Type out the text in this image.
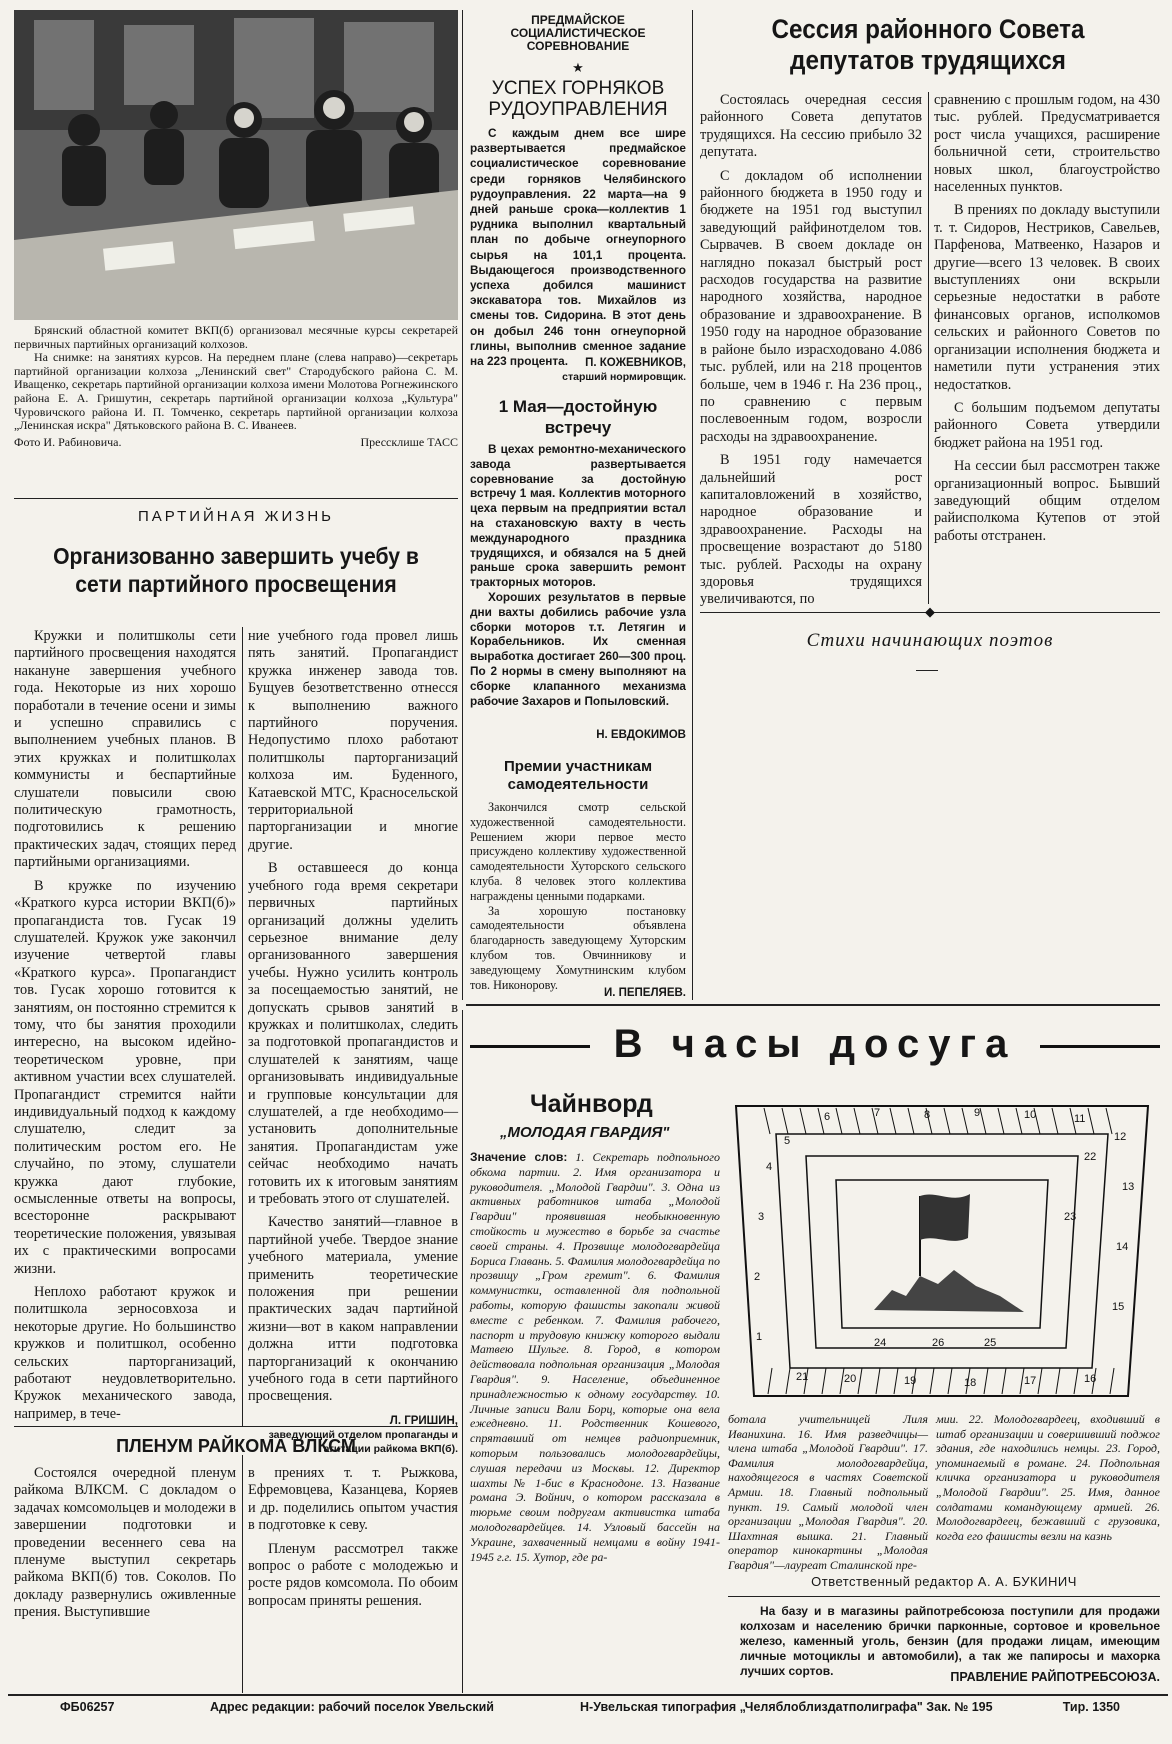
Брянский областной комитет ВКП(б) организовал месячные курсы секретарей первичных партийных организаций колхозов.
На снимке: на занятиях курсов. На переднем плане (слева направо)—секретарь партийной организации колхоза „Ленинский свет" Стародубского района С. М. Иващенко, секретарь партийной организации колхоза имени Молотова Рогнежинского района Е. А. Гришутин, секретарь партийной организации колхоза „Культура" Чуровичского района И. П. Томченко, секретарь партийной организации колхоза „Ленинская искра" Дятьковского района В. С. Иванеев.
Фото И. Рабиновича.	Прессклише ТАСС
ПАРТИЙНАЯ ЖИЗНЬ
Организованно завершить учебу в сети партийного просвещения

Кружки и политшколы сети партийного просвещения находятся накануне завершения учебного года. Некоторые из них хорошо поработали в течение осени и зимы и успешно справились с выполнением учебных планов. В этих кружках и политшколах коммунисты и беспартийные слушатели повысили свою политическую грамотность, подготовились к решению практических задач, стоящих перед партийными организациями.

В кружке по изучению «Краткого курса истории ВКП(б)» пропагандиста тов. Гусак 19 слушателей. Кружок уже закончил изучение четвертой главы «Краткого курса». Пропагандист тов. Гусак хорошо готовится к занятиям, он постоянно стремится к тому, что бы занятия проходили интересно, на высоком идейно-теоретическом уровне, при активном участии всех слушателей. Пропагандист стремится найти индивидуальный подход к каждому слушателю, следит за политическим ростом его. Не случайно, по этому, слушатели кружка дают глубокие, осмысленные ответы на вопросы, всесторонне раскрывают теоретические положения, увязывая их с практическими вопросами жизни.

Неплохо работают кружок и политшкола зерносовхоза и некоторые другие. Но большинство кружков и политшкол, особенно сельских парторганизаций, работают неудовлетворительно. Кружок механического завода, например, в тече-

ние учебного года провел лишь пять занятий. Пропагандист кружка инженер завода тов. Бущуев безответственно отнесся к выполнению важного партийного поручения. Недопустимо плохо работают политшколы парторганизаций колхоза им. Буденного, Катаевской МТС, Красносельской территориальной парторганизации и многие другие.

В оставшееся до конца учебного года время секретари первичных партийных организаций должны уделить серьезное внимание делу организованного завершения учебы. Нужно усилить контроль за посещаемостью занятий, не допускать срывов занятий в кружках и политшколах, следить за подготовкой пропагандистов и слушателей к занятиям, чаще организовывать индивидуальные и групповые консультации для слушателей, а где необходимо—установить дополнительные занятия. Пропагандистам уже сейчас необходимо начать готовить их к итоговым занятиям и требовать этого от слушателей.

Качество занятий—главное в партийной учебе. Твердое знание учебного материала, умение применить теоретические положения при решении практических задач партийной жизни—вот в каком направлении должна итти подготовка парторганизаций к окончанию учебного года в сети партийного просвещения.

Л. ГРИШИН,
заведующий отделом пропаганды и агитации райкома ВКП(б).
ПЛЕНУМ РАЙКОМА ВЛКСМ

Состоялся очередной пленум райкома ВЛКСМ. С докладом о задачах комсомольцев и молодежи в завершении подготовки и проведении весеннего сева на пленуме выступил секретарь райкома ВКП(б) тов. Соколов. По докладу развернулись оживленные прения. Выступившие

в прениях т. т. Рыжкова, Ефремовцева, Казанцева, Коряев и др. поделились опытом участия в подготовке к севу.

Пленум рассмотрел также вопрос о работе с молодежью и росте рядов комсомола. По обоим вопросам приняты решения.

ПРЕДМАЙСКОЕ СОЦИАЛИСТИЧЕСКОЕ СОРЕВНОВАНИЕ
★
УСПЕХ ГОРНЯКОВ РУДОУПРАВЛЕНИЯ
С каждым днем все шире развертывается предмайское социалистическое соревнование среди горняков Челябинского рудоуправления. 22 марта—на 9 дней раньше срока—коллектив 1 рудника выполнил квартальный план по добыче огнеупорного сырья на 101,1 процента. Выдающегося производственного успеха добился машинист экскаватора тов. Михайлов из смены тов. Сидорина. В этот день он добыл 246 тонн огнеупорной глины, выполнив сменное задание на 223 процента.	П. КОЖЕВНИКОВ,
старший нормировщик.
1 Мая—достойную встречу
В цехах ремонтно-механического завода развертывается соревнование за достойную встречу 1 мая. Коллектив моторного цеха первым на предприятии встал на стахановскую вахту в честь международного праздника трудящихся, и обязался на 5 дней раньше срока завершить ремонт тракторных моторов.
Хороших результатов в первые дни вахты добились рабочие узла сборки моторов т.т. Летягин и Корабельников. Их сменная выработка достигает 260—300 проц. По 2 нормы в смену выполняют на сборке клапанного механизма рабочие Захаров и Попыловский.
Н. ЕВДОКИМОВ
Премии участникам самодеятельности
Закончился смотр сельской художественной самодеятельности. Решением жюри первое место присуждено коллективу художественной самодеятельности Хуторского сельского клуба. 8 человек этого коллектива награждены ценными подарками.
За хорошую постановку самодеятельности объявлена благодарность заведующему Хуторским клубом тов. Овчинникову и заведующему Хомутнинским клубом тов. Никонорову.
И. ПЕПЕЛЯЕВ.
Сессия районного Совета депутатов трудящихся

Состоялась очередная сессия районного Совета депутатов трудящихся. На сессию прибыло 32 депутата.

С докладом об исполнении районного бюджета в 1950 году и бюджете на 1951 год выступил заведующий райфинотделом тов. Сырвачев. В своем докладе он наглядно показал быстрый рост расходов государства на развитие народного хозяйства, народное образование и здравоохранение. В 1950 году на народное образование в районе было израсходовано 4.086 тыс. рублей, или на 218 процентов больше, чем в 1946 г. На 236 проц., по сравнению с первым послевоенным годом, возросли расходы на здравоохранение.

В 1951 году намечается дальнейший рост капиталовложений в хозяйство, народное образование и здравоохранение. Расходы на просвещение возрастают до 5180 тыс. рублей. Расходы на охрану здоровья трудящихся увеличиваются, по

сравнению с прошлым годом, на 430 тыс. рублей. Предусматривается рост числа учащихся, расширение больничной сети, строительство новых школ, благоустройство населенных пунктов.

В прениях по докладу выступили т. т. Сидоров, Нестриков, Савельев, Парфенова, Матвеенко, Назаров и другие—всего 13 человек. В своих выступлениях они вскрыли серьезные недостатки в работе финансовых органов, исполкомов сельских и районного Советов по организации исполнения бюджета и наметили пути устранения этих недостатков.

С большим подъемом депутаты районного Совета утвердили бюджет района на 1951 год.

На сессии был рассмотрен также организационный вопрос. Бывший заведующий общим отделом райисполкома Кутепов от этой работы отстранен.

◆
Стихи начинающих поэтов
В часы досуга
Чайнворд
„МОЛОДАЯ ГВАРДИЯ"
Значение слов: 1. Секретарь подпольного обкома партии. 2. Имя организатора и руководителя. „Молодой Гвардии". 3. Одна из активных работников штаба „Молодой Гвардии" проявившая необыкновенную стойкость и мужество в борьбе за счастье своей страны. 4. Прозвище молодогвардейца Бориса Главань. 5. Фамилия молодогвардейца по прозвищу „Гром гремит". 6. Фамилия коммунистки, оставленной для подпольной работы, которую фашисты закопали живой вместе с ребенком. 7. Фамилия рабочего, паспорт и трудовую книжку которого выдали Матвею Шульге. 8. Город, в котором действовала подпольная организация „Молодая Гвардия". 9. Население, объединенное принадлежностью к одному государству. 10. Личные записи Вали Борц, которые она вела ежедневно. 11. Родственник Кошевого, спрятавший от немцев радиоприемник, которым пользовались молодогвардейцы, слушая передачи из Москвы. 12. Директор шахты № 1-бис в Краснодоне. 13. Название романа Э. Войнич, о котором рассказала в тюрьме своим подругам активистка штаба молодогвардейцев. 14. Узловый бассейн на Украине, захваченный немцами в войну 1941-1945 г.г. 15. Хутор, где ра-
ботала учительницей Лиля Иванихина. 16. Имя разведчицы—члена штаба „Молодой Гвардии". 17. Фамилия молодогвардейца, находящегося в частях Советской Армии. 18. Главный подпольный пункт. 19. Самый молодой член организации „Молодая Гвардия". 20. Шахтная вышка. 21. Главный оператор кинокартины „Молодая Гвардия"—лауреат Сталинской пре-
мии. 22. Молодогвардеец, входивший в штаб организации и совершивший поджог здания, где находились немцы. 23. Город, упоминаемый в романе. 24. Подпольная кличка организатора и руководителя „Молодой Гвардии". 25. Имя, данное солдатами командующему армией. 26. Молодогвардеец, бежавший с грузовика, когда его фашисты везли на казнь
1
2
3
4
5
6	7	8	9	10	11
12
13
14
15
16
17
18
19
20
21
22
23
24	25
26
Ответственный редактор А. А. БУКИНИЧ
На базу и в магазины райпотребсоюза поступили для продажи колхозам и населению брички парконные, сортовое и кровельное железо, каменный уголь, бензин (для продажи лицам, имеющим личные мотоциклы и автомобили), а так же папиросы и махорка лучших сортов.	ПРАВЛЕНИЕ РАЙПОТРЕБСОЮЗА.
ФБ06257	Адрес редакции: рабочий поселок Увельский	Н-Увельская типография „Челяблоблиздатполиграфа" Зак. № 195	Тир. 1350
